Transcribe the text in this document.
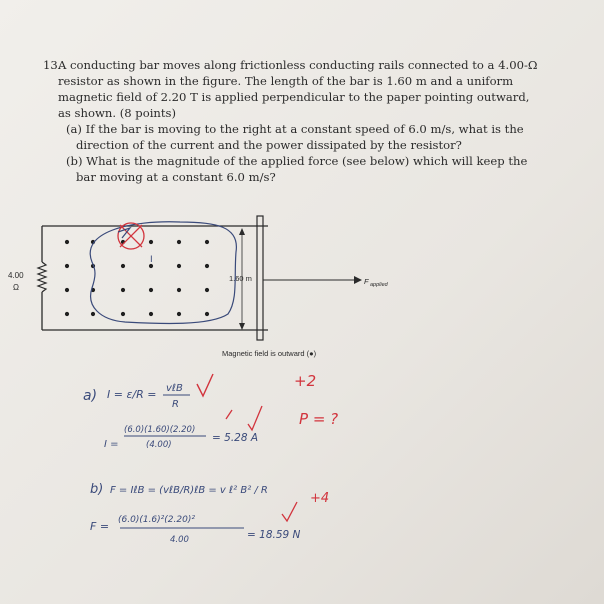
13.
A conducting bar moves along frictionless conducting rails connected to a 4.00-Ω
resistor as shown in the figure. The length of the bar is 1.60 m and a uniform
magnetic field of 2.20 T is applied perpendicular to the paper pointing outward,
as shown. (8 points)
(a) If the bar is moving to the right at a constant speed of 6.0 m/s, what is the
direction of the current and the power dissipated by the resistor?
(b) What is the magnitude of the applied force (see below) which will keep the
bar moving at a constant 6.0 m/s?
4.00
Ω
1.60 m	F applied
I
Magnetic field is outward (●)
a) I = ε/R = vℓB
R
+2
(6.0)(1.60)(2.20)
I =	(4.00)
= 5.28 A
P = ?
b) F = IℓB = (vℓB/R)ℓB = v ℓ² B² / R
+4
F = (6.0)(1.6)²(2.20)²
4.00	= 18.59 N
